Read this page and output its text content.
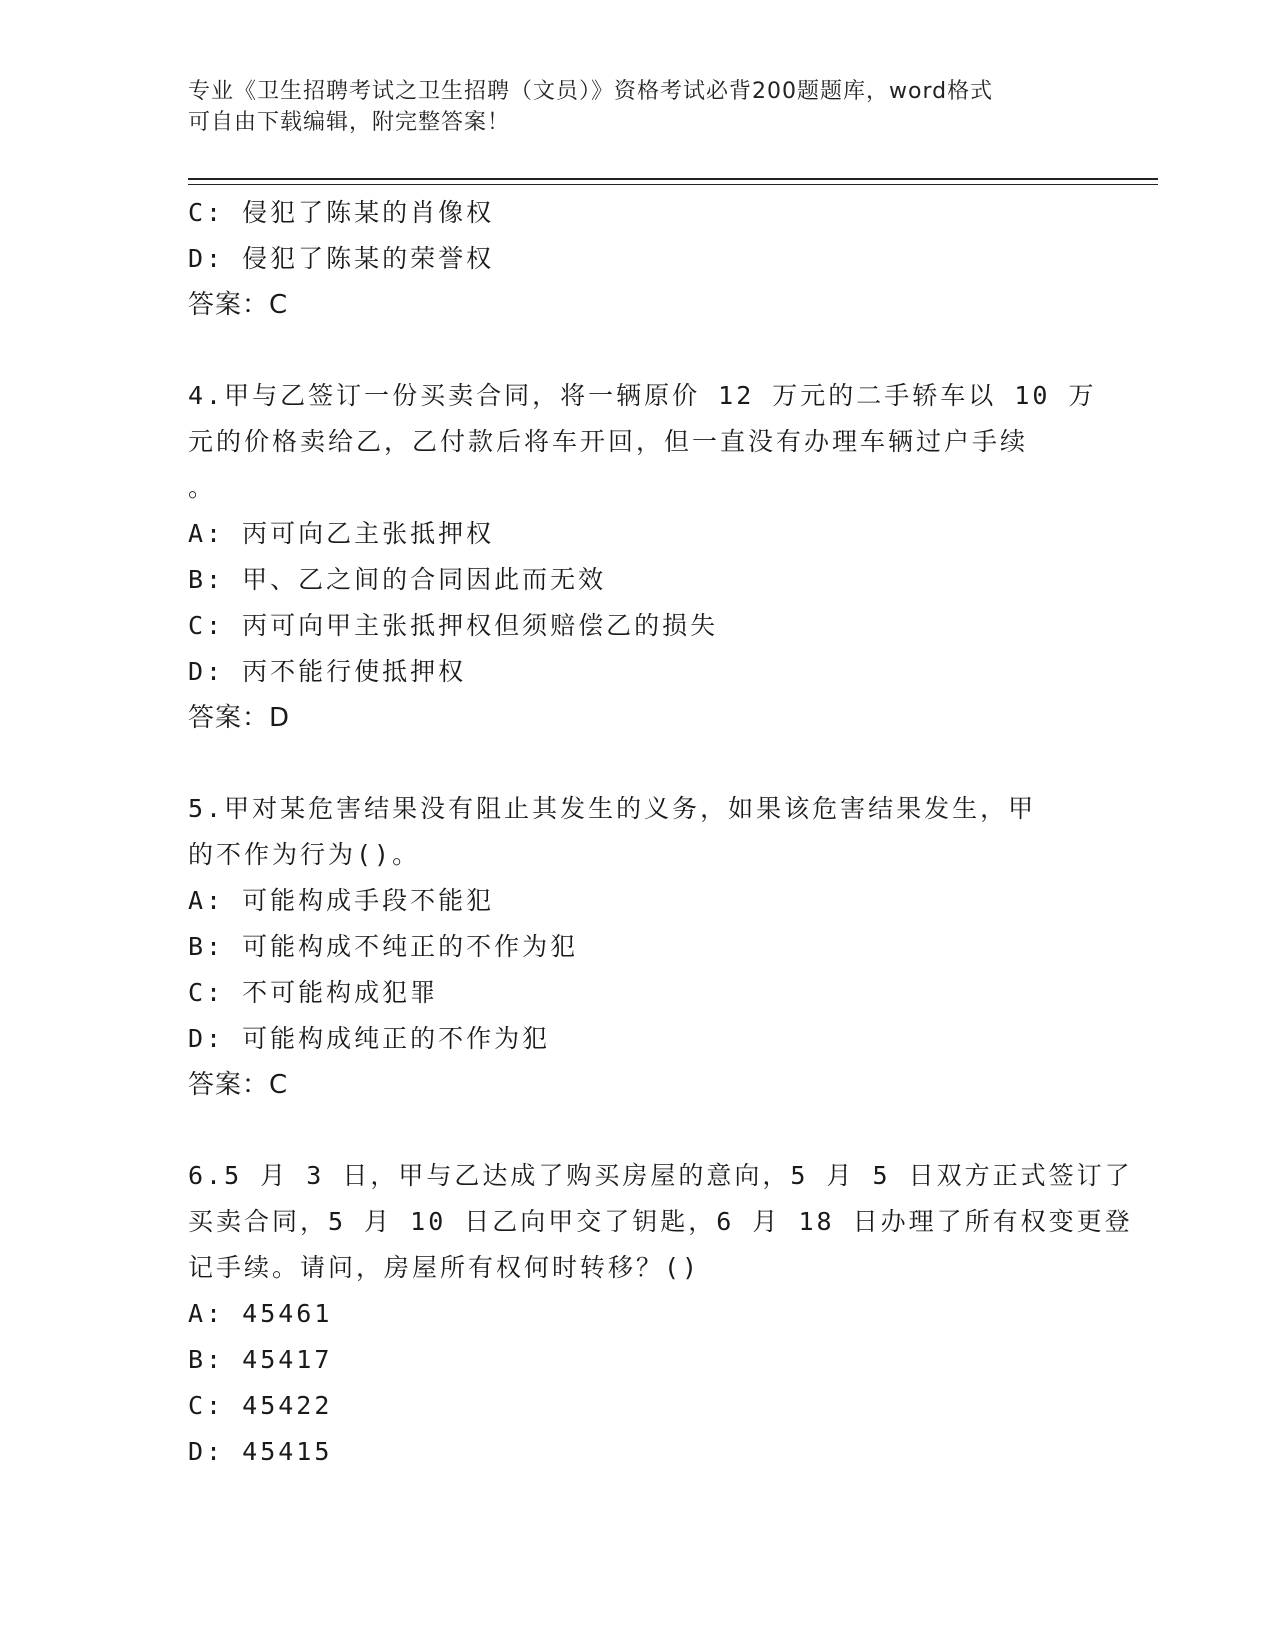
专业《卫生招聘考试之卫生招聘（文员）》资格考试必背200题题库，word格式
可自由下载编辑，附完整答案！
C: 侵犯了陈某的肖像权
D: 侵犯了陈某的荣誉权
答案：C
4.甲与乙签订一份买卖合同，将一辆原价 12 万元的二手轿车以 10 万
元的价格卖给乙，乙付款后将车开回，但一直没有办理车辆过户手续
。
A: 丙可向乙主张抵押权
B: 甲、乙之间的合同因此而无效
C: 丙可向甲主张抵押权但须赔偿乙的损失
D: 丙不能行使抵押权
答案：D
5.甲对某危害结果没有阻止其发生的义务，如果该危害结果发生，甲
的不作为行为()。
A: 可能构成手段不能犯
B: 可能构成不纯正的不作为犯
C: 不可能构成犯罪
D: 可能构成纯正的不作为犯
答案：C
6.5 月 3 日，甲与乙达成了购买房屋的意向，5 月 5 日双方正式签订了
买卖合同，5 月 10 日乙向甲交了钥匙，6 月 18 日办理了所有权变更登
记手续。请问，房屋所有权何时转移？()
A: 45461
B: 45417
C: 45422
D: 45415
